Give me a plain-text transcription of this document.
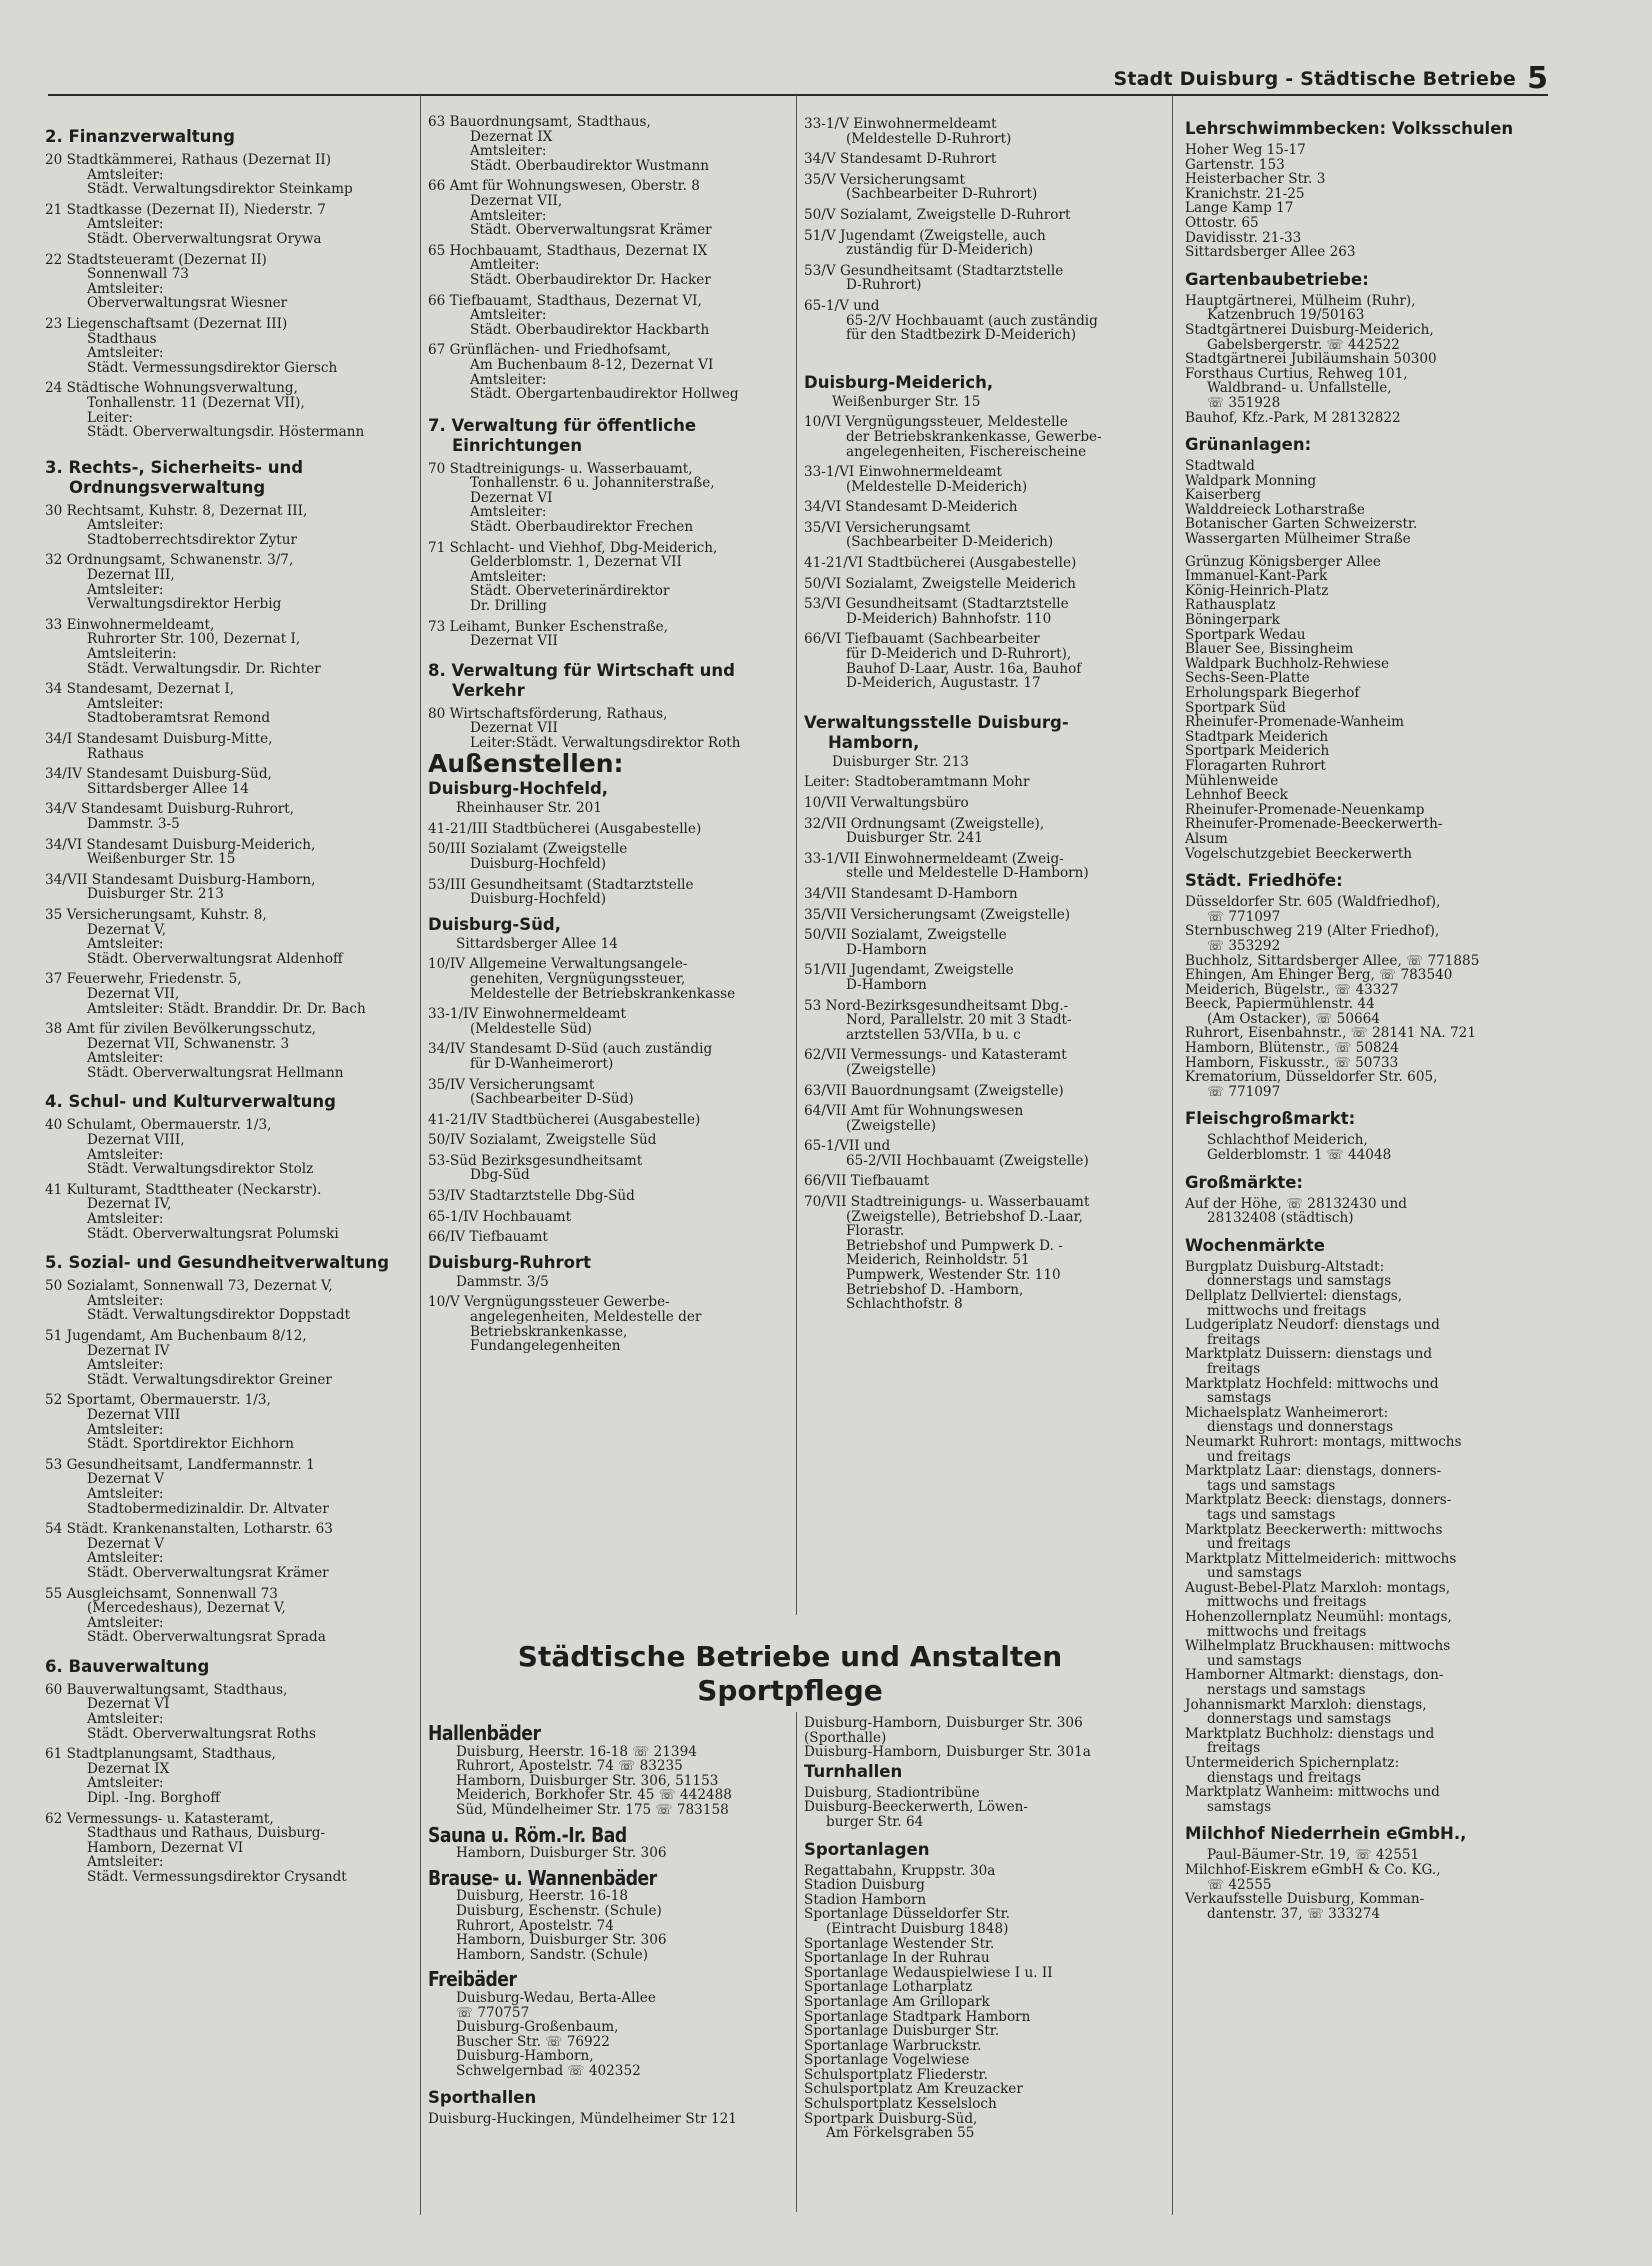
Stadt Duisburg - Städtische Betriebe 5
2. Finanzverwaltung
20 Stadtkämmerei, Rathaus (Dezernat II)
Amtsleiter:
Städt. Verwaltungsdirektor Steinkamp
21 Stadtkasse (Dezernat II), Niederstr. 7
Amtsleiter:
Städt. Oberverwaltungsrat Orywa
22 Stadtsteueramt (Dezernat II)
Sonnenwall 73
Amtsleiter:
Oberverwaltungsrat Wiesner
23 Liegenschaftsamt (Dezernat III)
Stadthaus
Amtsleiter:
Städt. Vermessungsdirektor Giersch
24 Städtische Wohnungsverwaltung,
Tonhallenstr. 11 (Dezernat VII),
Leiter:
Städt. Oberverwaltungsdir. Höstermann
3. Rechts-, Sicherheits- und Ordnungsverwaltung
30 Rechtsamt, Kuhstr. 8, Dezernat III,
Amtsleiter:
Stadtoberrechtsdirektor Zytur
32 Ordnungsamt, Schwanenstr. 3/7,
Dezernat III,
Amtsleiter:
Verwaltungsdirektor Herbig
33 Einwohnermeldeamt,
Ruhrorter Str. 100, Dezernat I,
Amtsleiterin:
Städt. Verwaltungsdir. Dr. Richter
34 Standesamt, Dezernat I,
Amtsleiter:
Stadtoberamtsrat Remond
34/I Standesamt Duisburg-Mitte,
Rathaus
34/IV Standesamt Duisburg-Süd,
Sittardsberger Allee 14
34/V Standesamt Duisburg-Ruhrort,
Dammstr. 3-5
34/VI Standesamt Duisburg-Meiderich,
Weißenburger Str. 15
34/VII Standesamt Duisburg-Hamborn,
Duisburger Str. 213
35 Versicherungsamt, Kuhstr. 8,
Dezernat V,
Amtsleiter:
Städt. Oberverwaltungsrat Aldenhoff
37 Feuerwehr, Friedenstr. 5,
Dezernat VII,
Amtsleiter: Städt. Branddir. Dr. Dr. Bach
38 Amt für zivilen Bevölkerungsschutz,
Dezernat VII, Schwanenstr. 3
Amtsleiter:
Städt. Oberverwaltungsrat Hellmann
4. Schul- und Kulturverwaltung
40 Schulamt, Obermauerstr. 1/3,
Dezernat VIII,
Amtsleiter:
Städt. Verwaltungsdirektor Stolz
41 Kulturamt, Stadttheater (Neckarstr).
Dezernat IV,
Amtsleiter:
Städt. Oberverwaltungsrat Polumski
5. Sozial- und Gesundheitverwaltung
50 Sozialamt, Sonnenwall 73, Dezernat V,
Amtsleiter:
Städt. Verwaltungsdirektor Doppstadt
51 Jugendamt, Am Buchenbaum 8/12,
Dezernat IV
Amtsleiter:
Städt. Verwaltungsdirektor Greiner
52 Sportamt, Obermauerstr. 1/3,
Dezernat VIII
Amtsleiter:
Städt. Sportdirektor Eichhorn
53 Gesundheitsamt, Landfermannstr. 1
Dezernat V
Amtsleiter:
Stadtobermedizinaldir. Dr. Altvater
54 Städt. Krankenanstalten, Lotharstr. 63
Dezernat V
Amtsleiter:
Städt. Oberverwaltungsrat Krämer
55 Ausgleichsamt, Sonnenwall 73
(Mercedeshaus), Dezernat V,
Amtsleiter:
Städt. Oberverwaltungsrat Sprada
6. Bauverwaltung
60 Bauverwaltungsamt, Stadthaus,
Dezernat VI
Amtsleiter:
Städt. Oberverwaltungsrat Roths
61 Stadtplanungsamt, Stadthaus,
Dezernat IX
Amtsleiter:
Dipl. -Ing. Borghoff
62 Vermessungs- u. Katasteramt,
Stadthaus und Rathaus, Duisburg-
Hamborn, Dezernat VI
Amtsleiter:
Städt. Vermessungsdirektor Crysandt
63 Bauordnungsamt, Stadthaus,
Dezernat IX
Amtsleiter:
Städt. Oberbaudirektor Wustmann
66 Amt für Wohnungswesen, Oberstr. 8
Dezernat VII,
Amtsleiter:
Städt. Oberverwaltungsrat Krämer
65 Hochbauamt, Stadthaus, Dezernat IX
Amtleiter:
Städt. Oberbaudirektor Dr. Hacker
66 Tiefbauamt, Stadthaus, Dezernat VI,
Amtsleiter:
Städt. Oberbaudirektor Hackbarth
67 Grünflächen- und Friedhofsamt,
Am Buchenbaum 8-12, Dezernat VI
Amtsleiter:
Städt. Obergartenbaudirektor Hollweg
7. Verwaltung für öffentliche Einrichtungen
70 Stadtreinigungs- u. Wasserbauamt,
Tonhallenstr. 6 u. Johanniterstraße,
Dezernat VI
Amtsleiter:
Städt. Oberbaudirektor Frechen
71 Schlacht- und Viehhof, Dbg-Meiderich,
Gelderblomstr. 1, Dezernat VII
Amtsleiter:
Städt. Oberveterinärdirektor
Dr. Drilling
73 Leihamt, Bunker Eschenstraße,
Dezernat VII
8. Verwaltung für Wirtschaft und Verkehr
80 Wirtschaftsförderung, Rathaus,
Dezernat VII
Leiter:Städt. Verwaltungsdirektor Roth
Außenstellen:
Duisburg-Hochfeld,
Rheinhauser Str. 201
41-21/III Stadtbücherei (Ausgabestelle)
50/III Sozialamt (Zweigstelle
Duisburg-Hochfeld)
53/III Gesundheitsamt (Stadtarztstelle
Duisburg-Hochfeld)
Duisburg-Süd,
Sittardsberger Allee 14
10/IV Allgemeine Verwaltungsangele-
genehiten, Vergnügungssteuer,
Meldestelle der Betriebskrankenkasse
33-1/IV Einwohnermeldeamt
(Meldestelle Süd)
34/IV Standesamt D-Süd (auch zuständig
für D-Wanheimerort)
35/IV Versicherungsamt
(Sachbearbeiter D-Süd)
41-21/IV Stadtbücherei (Ausgabestelle)
50/IV Sozialamt, Zweigstelle Süd
53-Süd Bezirksgesundheitsamt
Dbg-Süd
53/IV Stadtarztstelle Dbg-Süd
65-1/IV Hochbauamt
66/IV Tiefbauamt
Duisburg-Ruhrort
Dammstr. 3/5
10/V Vergnügungssteuer Gewerbe-
angelegenheiten, Meldestelle der
Betriebskrankenkasse,
Fundangelegenheiten
33-1/V Einwohnermeldeamt
(Meldestelle D-Ruhrort)
34/V Standesamt D-Ruhrort
35/V Versicherungsamt
(Sachbearbeiter D-Ruhrort)
50/V Sozialamt, Zweigstelle D-Ruhrort
51/V Jugendamt (Zweigstelle, auch
zuständig für D-Meiderich)
53/V Gesundheitsamt (Stadtarztstelle
D-Ruhrort)
65-1/V und
65-2/V Hochbauamt (auch zuständig
für den Stadtbezirk D-Meiderich)
Duisburg-Meiderich,
Weißenburger Str. 15
10/VI Vergnügungssteuer, Meldestelle
der Betriebskrankenkasse, Gewerbe-
angelegenheiten, Fischereischeine
33-1/VI Einwohnermeldeamt
(Meldestelle D-Meiderich)
34/VI Standesamt D-Meiderich
35/VI Versicherungsamt
(Sachbearbeiter D-Meiderich)
41-21/VI Stadtbücherei (Ausgabestelle)
50/VI Sozialamt, Zweigstelle Meiderich
53/VI Gesundheitsamt (Stadtarztstelle
D-Meiderich) Bahnhofstr. 110
66/VI Tiefbauamt (Sachbearbeiter
für D-Meiderich und D-Ruhrort),
Bauhof D-Laar, Austr. 16a, Bauhof
D-Meiderich, Augustastr. 17
Verwaltungsstelle Duisburg-Hamborn,
Duisburger Str. 213
Leiter: Stadtoberamtmann Mohr
10/VII Verwaltungsbüro
32/VII Ordnungsamt (Zweigstelle),
Duisburger Str. 241
33-1/VII Einwohnermeldeamt (Zweig-
stelle und Meldestelle D-Hamborn)
34/VII Standesamt D-Hamborn
35/VII Versicherungsamt (Zweigstelle)
50/VII Sozialamt, Zweigstelle
D-Hamborn
51/VII Jugendamt, Zweigstelle
D-Hamborn
53 Nord-Bezirksgesundheitsamt Dbg.-
Nord, Parallelstr. 20 mit 3 Stadt-
arztstellen 53/VIIa, b u. c
62/VII Vermessungs- und Katasteramt
(Zweigstelle)
63/VII Bauordnungsamt (Zweigstelle)
64/VII Amt für Wohnungswesen
(Zweigstelle)
65-1/VII und
65-2/VII Hochbauamt (Zweigstelle)
66/VII Tiefbauamt
70/VII Stadtreinigungs- u. Wasserbauamt
(Zweigstelle), Betriebshof D.-Laar,
Florastr.
Betriebshof und Pumpwerk D. -
Meiderich, Reinholdstr. 51
Pumpwerk, Westender Str. 110
Betriebshof D. -Hamborn,
Schlachthofstr. 8
Lehrschwimmbecken: Volksschulen
Hoher Weg 15-17
Gartenstr. 153
Heisterbacher Str. 3
Kranichstr. 21-25
Lange Kamp 17
Ottostr. 65
Davidisstr. 21-33
Sittardsberger Allee 263
Gartenbaubetriebe:
Hauptgärtnerei, Mülheim (Ruhr),
Katzenbruch 19/50163
Stadtgärtnerei Duisburg-Meiderich,
Gabelsbergerstr. ☏ 442522
Stadtgärtnerei Jubiläumshain 50300
Forsthaus Curtius, Rehweg 101,
Waldbrand- u. Unfallstelle,
☏ 351928
Bauhof, Kfz.-Park, M 28132822
Grünanlagen:
Stadtwald
Waldpark Monning
Kaiserberg
Walddreieck Lotharstraße
Botanischer Garten Schweizerstr.
Wassergarten Mülheimer Straße
Grünzug Königsberger Allee
Immanuel-Kant-Park
König-Heinrich-Platz
Rathausplatz
Böningerpark
Sportpark Wedau
Blauer See, Bissingheim
Waldpark Buchholz-Rehwiese
Sechs-Seen-Platte
Erholungspark Biegerhof
Sportpark Süd
Rheinufer-Promenade-Wanheim
Stadtpark Meiderich
Sportpark Meiderich
Floragarten Ruhrort
Mühlenweide
Lehnhof Beeck
Rheinufer-Promenade-Neuenkamp
Rheinufer-Promenade-Beeckerwerth-
Alsum
Vogelschutzgebiet Beeckerwerth
Städt. Friedhöfe:
Düsseldorfer Str. 605 (Waldfriedhof),
☏ 771097
Sternbuschweg 219 (Alter Friedhof),
☏ 353292
Buchholz, Sittardsberger Allee, ☏ 771885
Ehingen, Am Ehinger Berg, ☏ 783540
Meiderich, Bügelstr., ☏ 43327
Beeck, Papiermühlenstr. 44
(Am Ostacker), ☏ 50664
Ruhrort, Eisenbahnstr., ☏ 28141 NA. 721
Hamborn, Blütenstr., ☏ 50824
Hamborn, Fiskusstr., ☏ 50733
Krematorium, Düsseldorfer Str. 605,
☏ 771097
Fleischgroßmarkt:
Schlachthof Meiderich,
Gelderblomstr. 1 ☏ 44048
Großmärkte:
Auf der Höhe, ☏ 28132430 und
28132408 (städtisch)
Wochenmärkte
Burgplatz Duisburg-Altstadt:
donnerstags und samstags
Dellplatz Dellviertel: dienstags,
mittwochs und freitags
Ludgeriplatz Neudorf: dienstags und
freitags
Marktplatz Duissern: dienstags und
freitags
Marktplatz Hochfeld: mittwochs und
samstags
Michaelsplatz Wanheimerort:
dienstags und donnerstags
Neumarkt Ruhrort: montags, mittwochs
und freitags
Marktplatz Laar: dienstags, donners-
tags und samstags
Marktplatz Beeck: dienstags, donners-
tags und samstags
Marktplatz Beeckerwerth: mittwochs
und freitags
Marktplatz Mittelmeiderich: mittwochs
und samstags
August-Bebel-Platz Marxloh: montags,
mittwochs und freitags
Hohenzollernplatz Neumühl: montags,
mittwochs und freitags
Wilhelmplatz Bruckhausen: mittwochs
und samstags
Hamborner Altmarkt: dienstags, don-
nerstags und samstags
Johannismarkt Marxloh: dienstags,
donnerstags und samstags
Marktplatz Buchholz: dienstags und
freitags
Untermeiderich Spichernplatz:
dienstags und freitags
Marktplatz Wanheim: mittwochs und
samstags
Milchhof Niederrhein eGmbH.,
Paul-Bäumer-Str. 19, ☏ 42551
Milchhof-Eiskrem eGmbH & Co. KG.,
☏ 42555
Verkaufsstelle Duisburg, Komman-
dantenstr. 37, ☏ 333274
Städtische Betriebe und Anstalten
Sportpflege
Hallenbäder
Duisburg, Heerstr. 16-18 ☏ 21394
Ruhrort, Apostelstr. 74 ☏ 83235
Hamborn, Duisburger Str. 306, 51153
Meiderich, Borkhofer Str. 45 ☏ 442488
Süd, Mündelheimer Str. 175 ☏ 783158
Sauna u. Röm.-Ir. Bad
Hamborn, Duisburger Str. 306
Brause- u. Wannenbäder
Duisburg, Heerstr. 16-18
Duisburg, Eschenstr. (Schule)
Ruhrort, Apostelstr. 74
Hamborn, Duisburger Str. 306
Hamborn, Sandstr. (Schule)
Freibäder
Duisburg-Wedau, Berta-Allee
☏ 770757
Duisburg-Großenbaum,
Buscher Str. ☏ 76922
Duisburg-Hamborn,
Schwelgernbad ☏ 402352
Sporthallen
Duisburg-Huckingen, Mündelheimer Str 121
Duisburg-Hamborn, Duisburger Str. 306
(Sporthalle)
Duisburg-Hamborn, Duisburger Str. 301a
Turnhallen
Duisburg, Stadiontribüne
Duisburg-Beeckerwerth, Löwen-
burger Str. 64
Sportanlagen
Regattabahn, Kruppstr. 30a
Stadion Duisburg
Stadion Hamborn
Sportanlage Düsseldorfer Str.
(Eintracht Duisburg 1848)
Sportanlage Westender Str.
Sportanlage In der Ruhrau
Sportanlage Wedauspielwiese I u. II
Sportanlage Lotharplatz
Sportanlage Am Grillopark
Sportanlage Stadtpark Hamborn
Sportanlage Duisburger Str.
Sportanlage Warbruckstr.
Sportanlage Vogelwiese
Schulsportplatz Fliederstr.
Schulsportplatz Am Kreuzacker
Schulsportplatz Kesselsloch
Sportpark Duisburg-Süd,
Am Förkelsgraben 55
